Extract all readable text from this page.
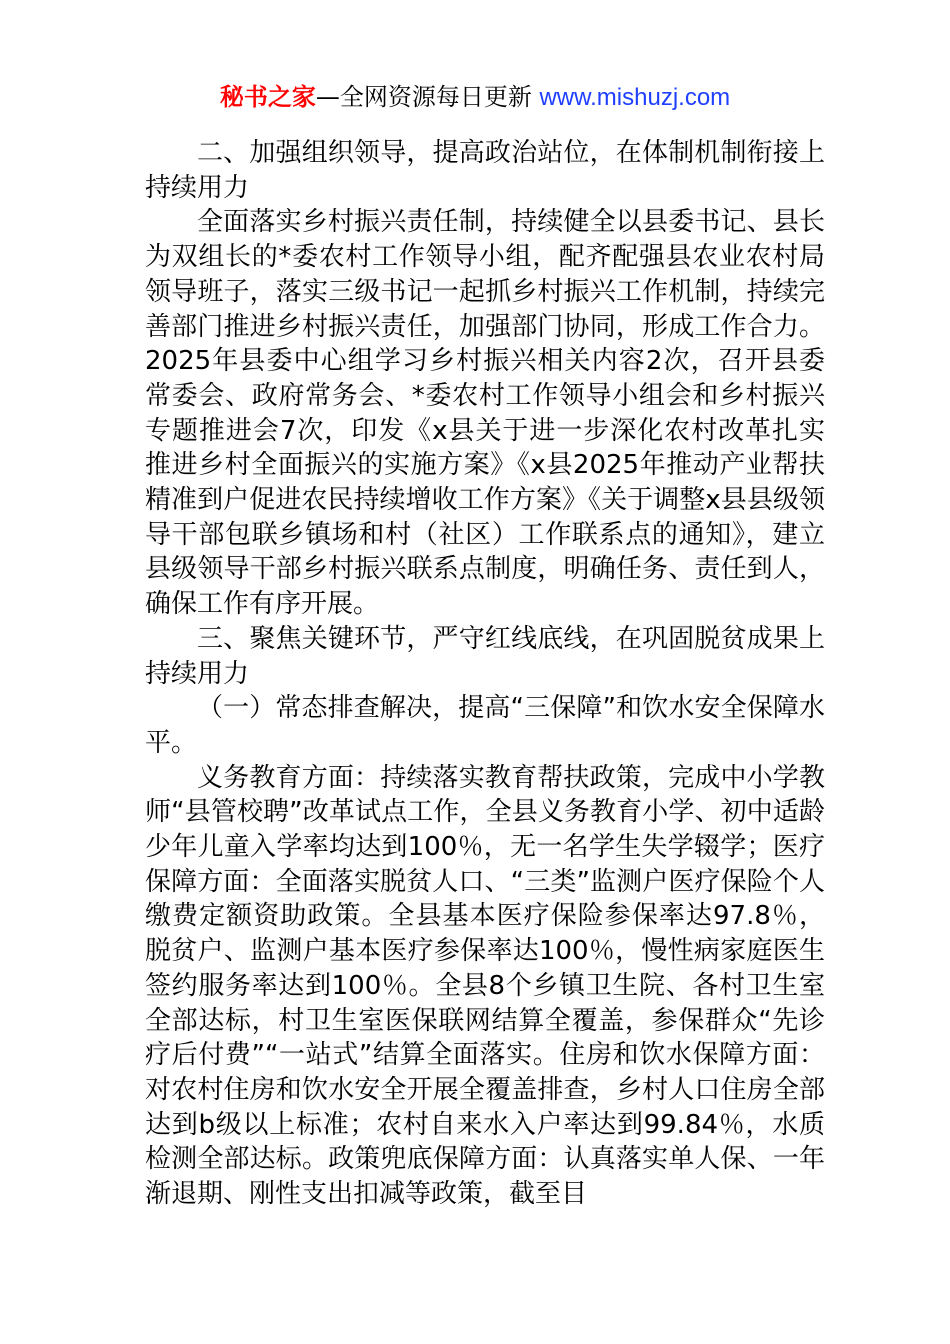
秘书之家—全网资源每日更新 www.mishuzj.com

二、加强组织领导，提高政治站位，在体制机制衔接上持续用力

全面落实乡村振兴责任制，持续健全以县委书记、县长为双组长的*委农村工作领导小组，配齐配强县农业农村局领导班子，落实三级书记一起抓乡村振兴工作机制，持续完善部门推进乡村振兴责任，加强部门协同，形成工作合力。2025年县委中心组学习乡村振兴相关内容2次，召开县委常委会、政府常务会、*委农村工作领导小组会和乡村振兴专题推进会7次，印发《x县关于进一步深化农村改革扎实推进乡村全面振兴的实施方案》《x县2025年推动产业帮扶精准到户促进农民持续增收工作方案》《关于调整x县县级领导干部包联乡镇场和村（社区）工作联系点的通知》，建立县级领导干部乡村振兴联系点制度，明确任务、责任到人，确保工作有序开展。

三、聚焦关键环节，严守红线底线，在巩固脱贫成果上持续用力

（一）常态排查解决，提高“三保障”和饮水安全保障水平。

义务教育方面：持续落实教育帮扶政策，完成中小学教师“县管校聘”改革试点工作，全县义务教育小学、初中适龄少年儿童入学率均达到100％，无一名学生失学辍学；医疗保障方面：全面落实脱贫人口、“三类”监测户医疗保险个人缴费定额资助政策。全县基本医疗保险参保率达97.8％，脱贫户、监测户基本医疗参保率达100％，慢性病家庭医生签约服务率达到100％。全县8个乡镇卫生院、各村卫生室全部达标，村卫生室医保联网结算全覆盖，参保群众“先诊疗后付费”“一站式”结算全面落实。住房和饮水保障方面：对农村住房和饮水安全开展全覆盖排查，乡村人口住房全部达到b级以上标准；农村自来水入户率达到99.84％，水质检测全部达标。政策兜底保障方面：认真落实单人保、一年渐退期、刚性支出扣减等政策，截至目
